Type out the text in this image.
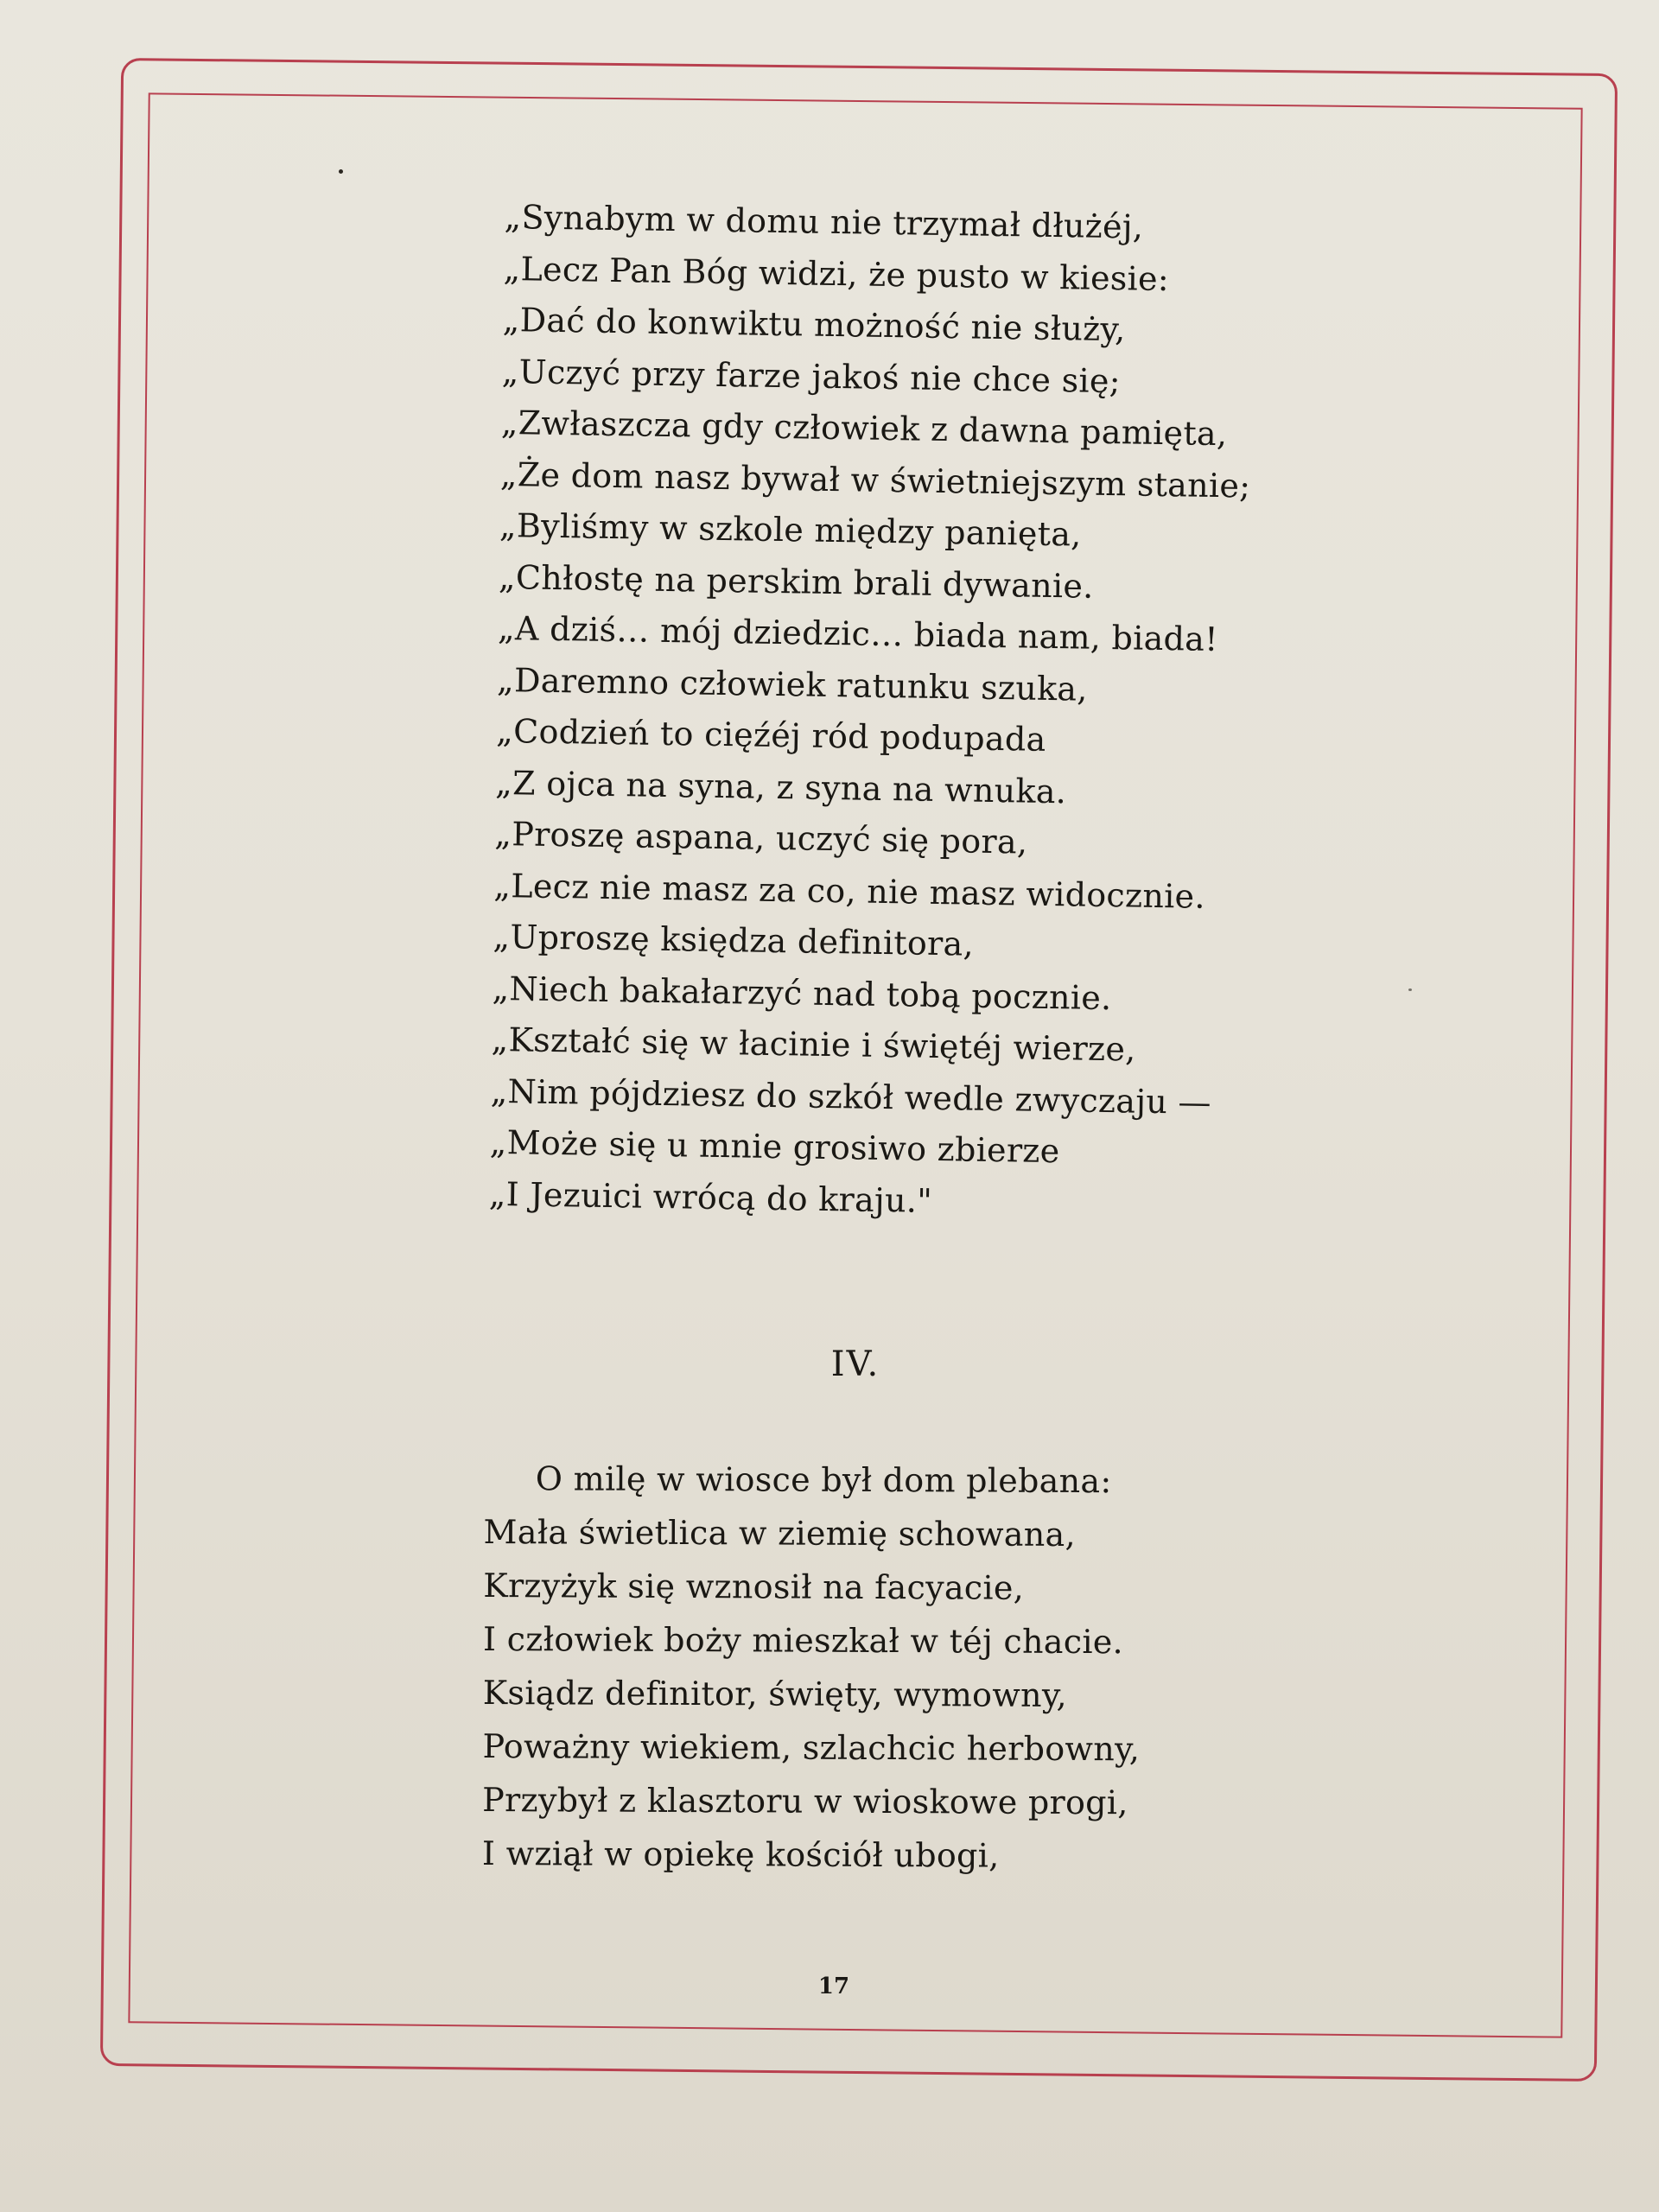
„Synabym w domu nie trzymał dłużéj,
„Lecz Pan Bóg widzi, że pusto w kiesie:
„Dać do konwiktu możność nie służy,
„Uczyć przy farze jakoś nie chce się;
„Zwłaszcza gdy człowiek z dawna pamięta,
„Że dom nasz bywał w świetniejszym stanie;
„Byliśmy w szkole między panięta,
„Chłostę na perskim brali dywanie.
„A dziś… mój dziedzic… biada nam, biada!
„Daremno człowiek ratunku szuka,
„Codzień to cięźéj ród podupada
„Z ojca na syna, z syna na wnuka.
„Proszę aspana, uczyć się pora,
„Lecz nie masz za co, nie masz widocznie.
„Uproszę księdza definitora,
„Niech bakałarzyć nad tobą pocznie.
„Kształć się w łacinie i świętéj wierze,
„Nim pójdziesz do szkół wedle zwyczaju —
„Może się u mnie grosiwo zbierze
„I Jezuici wrócą do kraju."
IV.
O milę w wiosce był dom plebana:
Mała świetlica w ziemię schowana,
Krzyżyk się wznosił na facyacie,
I człowiek boży mieszkał w téj chacie.
Ksiądz definitor, święty, wymowny,
Poważny wiekiem, szlachcic herbowny,
Przybył z klasztoru w wioskowe progi,
I wziął w opiekę kościół ubogi,
17
